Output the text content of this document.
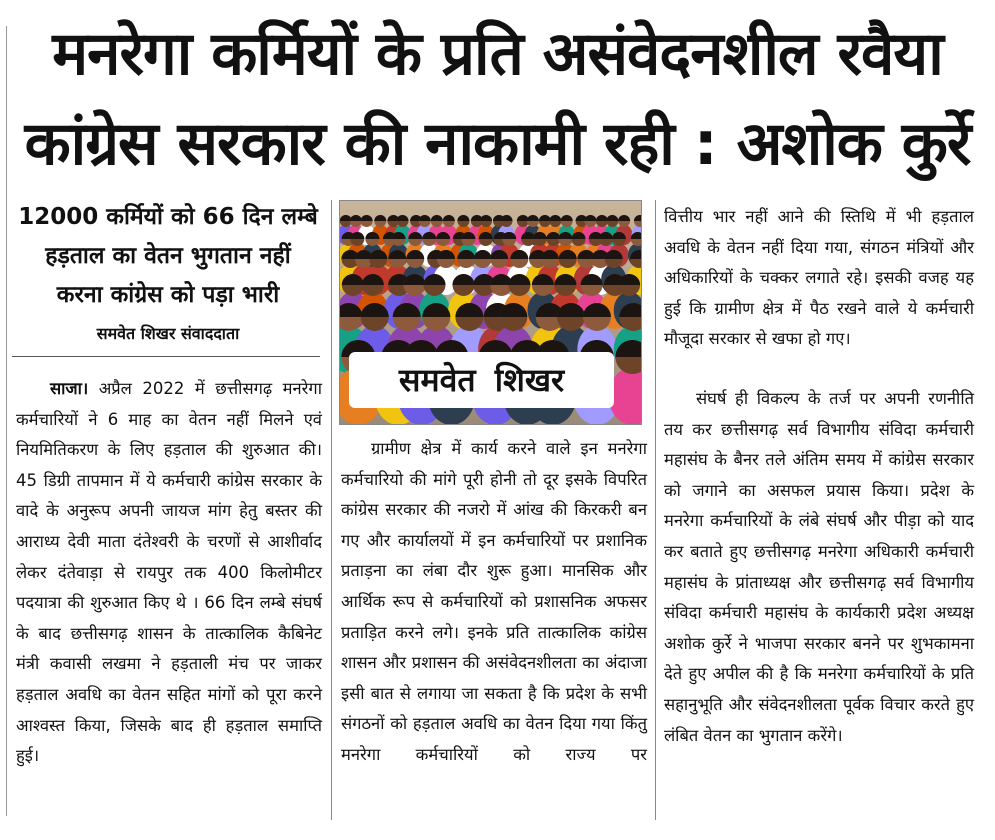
मनरेगा कर्मियों के प्रति असंवेदनशील रवैया
कांग्रेस सरकार की नाकामी रही : अशोक कुर्रे
12000 कर्मियों को 66 दिन लम्बे
हड़ताल का वेतन भुगतान नहीं
करना कांग्रेस को पड़ा भारी
समवेत शिखर संवाददाता

साजा। अप्रैल 2022 में छत्तीसगढ़ मनरेगा कर्मचारियों ने 6 माह का वेतन नहीं मिलने एवं नियमितिकरण के लिए हड़ताल की शुरुआत की। 45 डिग्री तापमान में ये कर्मचारी कांग्रेस सरकार के वादे के अनुरूप अपनी जायज मांग हेतु बस्तर की आराध्य देवी माता दंतेश्वरी के चरणों से आशीर्वाद लेकर दंतेवाड़ा से रायपुर तक 400 किलोमीटर पदयात्रा की शुरुआत किए थे । 66 दिन लम्बे संघर्ष के बाद छत्तीसगढ़ शासन के तात्कालिक कैबिनेट मंत्री कवासी लखमा ने हड़ताली मंच पर जाकर हड़ताल अवधि का वेतन सहित मांगों को पूरा करने आश्वस्त किया, जिसके बाद ही हड़ताल समाप्ति हुई।

समवेत शिखर

ग्रामीण क्षेत्र में कार्य करने वाले इन मनरेगा कर्मचारियो की मांगे पूरी होनी तो दूर इसके विपरित कांग्रेस सरकार की नजरो में आंख की किरकरी बन गए और कार्यालयों में इन कर्मचारियों पर प्रशानिक प्रताड़ना का लंबा दौर शुरू हुआ। मानसिक और आर्थिक रूप से कर्मचारियों को प्रशासनिक अफसर प्रताड़ित करने लगे। इनके प्रति तात्कालिक कांग्रेस शासन और प्रशासन की असंवेदनशीलता का अंदाजा इसी बात से लगाया जा सकता है कि प्रदेश के सभी संगठनों को हड़ताल अवधि का वेतन दिया गया किंतु मनरेगा कर्मचारियों को राज्य पर

वित्तीय भार नहीं आने की स्तिथि में भी हड़ताल अवधि के वेतन नहीं दिया गया, संगठन मंत्रियों और अधिकारियों के चक्कर लगाते रहे। इसकी वजह यह हुई कि ग्रामीण क्षेत्र में पैठ रखने वाले ये कर्मचारी मौजूदा सरकार से खफा हो गए।

संघर्ष ही विकल्प के तर्ज पर अपनी रणनीति तय कर छत्तीसगढ़ सर्व विभागीय संविदा कर्मचारी महासंघ के बैनर तले अंतिम समय में कांग्रेस सरकार को जगाने का असफल प्रयास किया। प्रदेश के मनरेगा कर्मचारियों के लंबे संघर्ष और पीड़ा को याद कर बताते हुए छत्तीसगढ़ मनरेगा अधिकारी कर्मचारी महासंघ के प्रांताध्यक्ष और छत्तीसगढ़ सर्व विभागीय संविदा कर्मचारी महासंघ के कार्यकारी प्रदेश अध्यक्ष अशोक कुर्रे ने भाजपा सरकार बनने पर शुभकामना देते हुए अपील की है कि मनरेगा कर्मचारियों के प्रति सहानुभूति और संवेदनशीलता पूर्वक विचार करते हुए लंबित वेतन का भुगतान करेंगे।
